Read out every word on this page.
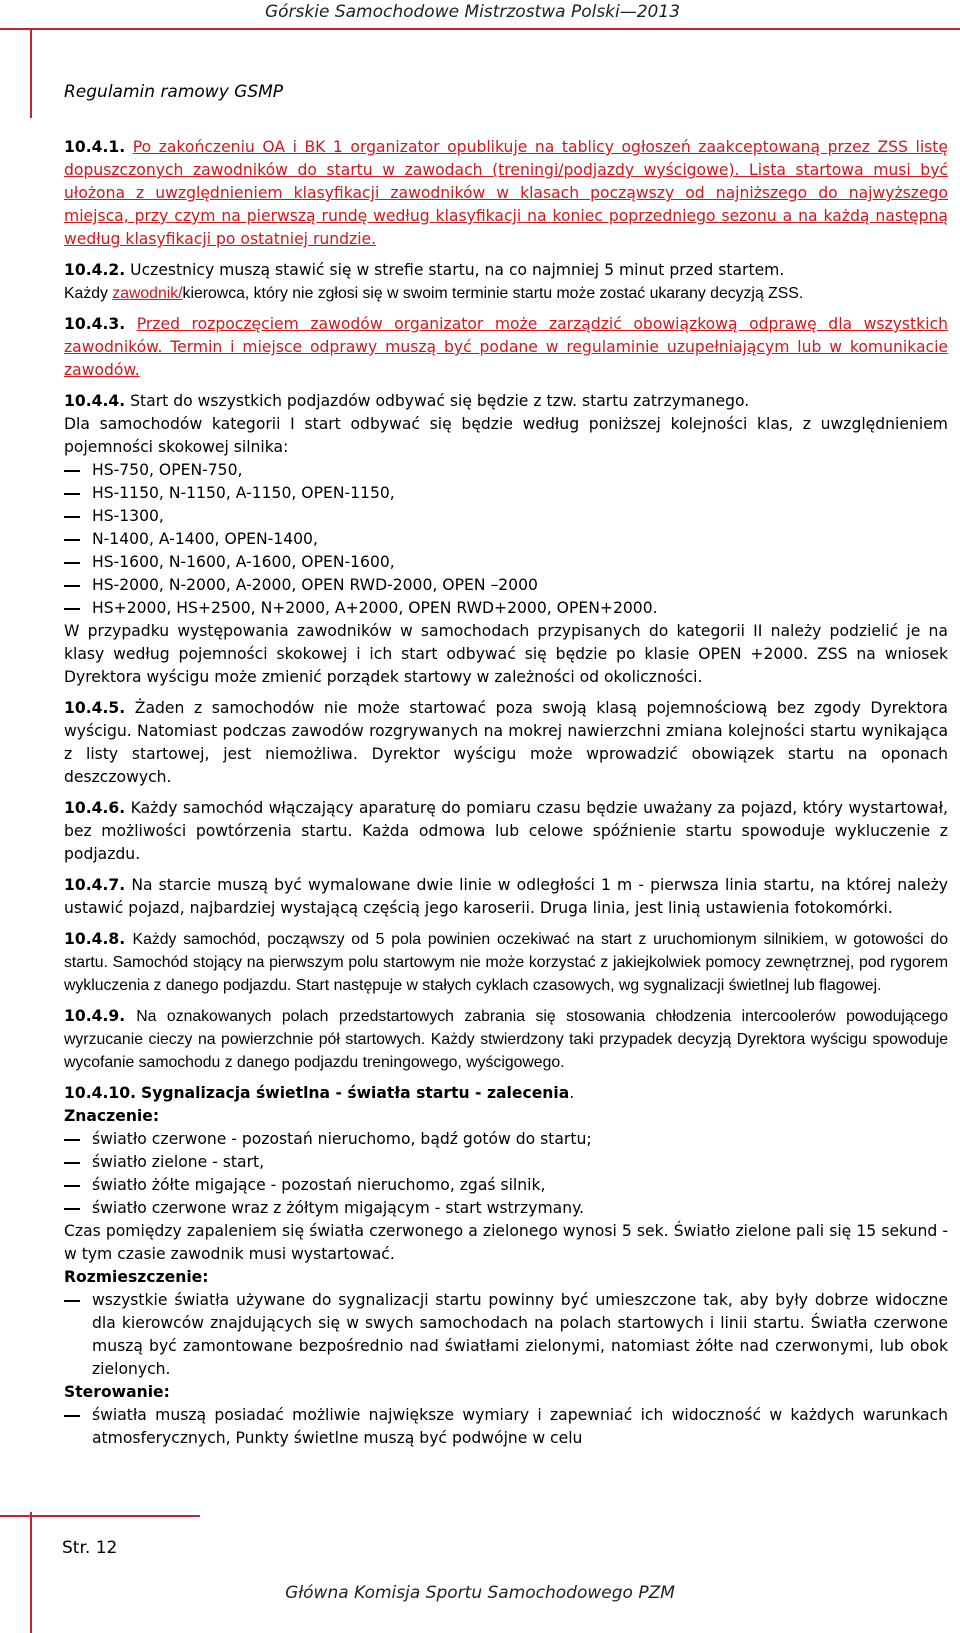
Górskie Samochodowe Mistrzostwa Polski—2013
Regulamin ramowy GSMP

10.4.1. Po zakończeniu OA i BK 1 organizator opublikuje na tablicy ogłoszeń zaakceptowaną przez ZSS listę dopuszczonych zawodników do startu w zawodach (treningi/podjazdy wyścigowe). Lista startowa musi być ułożona z uwzględnieniem klasyfikacji zawodników w klasach począwszy od najniższego do najwyższego miejsca, przy czym na pierwszą rundę według klasyfikacji na koniec poprzedniego sezonu a na każdą następną według klasyfikacji po ostatniej rundzie.

10.4.2. Uczestnicy muszą stawić się w strefie startu, na co najmniej 5 minut przed startem.
Każdy zawodnik/kierowca, który nie zgłosi się w swoim terminie startu może zostać ukarany decyzją ZSS.

10.4.3. Przed rozpoczęciem zawodów organizator może zarządzić obowiązkową odprawę dla wszystkich zawodników. Termin i miejsce odprawy muszą być podane w regulaminie uzupełniającym lub w komunikacie zawodów.

10.4.4. Start do wszystkich podjazdów odbywać się będzie z tzw. startu zatrzymanego.
Dla samochodów kategorii I start odbywać się będzie według poniższej kolejności klas, z uwzględnieniem pojemności skokowej silnika:
HS-750, OPEN-750,
HS-1150, N-1150, A-1150, OPEN-1150,
HS-1300,
N-1400, A-1400, OPEN-1400,
HS-1600, N-1600, A-1600, OPEN-1600,
HS-2000, N-2000, A-2000, OPEN RWD-2000, OPEN –2000
HS+2000, HS+2500, N+2000, A+2000, OPEN RWD+2000, OPEN+2000.
W przypadku występowania zawodników w samochodach przypisanych do kategorii II należy podzielić je na klasy według pojemności skokowej i ich start odbywać się będzie po klasie OPEN +2000. ZSS na wniosek Dyrektora wyścigu może zmienić porządek startowy w zależności od okoliczności.

10.4.5. Żaden z samochodów nie może startować poza swoją klasą pojemnościową bez zgody Dyrektora wyścigu. Natomiast podczas zawodów rozgrywanych na mokrej nawierzchni zmiana kolejności startu wynikająca z listy startowej, jest niemożliwa. Dyrektor wyścigu może wprowadzić obowiązek startu na oponach deszczowych.

10.4.6. Każdy samochód włączający aparaturę do pomiaru czasu będzie uważany za pojazd, który wystartował, bez możliwości powtórzenia startu. Każda odmowa lub celowe spóźnienie startu spowoduje wykluczenie z podjazdu.

10.4.7. Na starcie muszą być wymalowane dwie linie w odległości 1 m - pierwsza linia startu, na której należy ustawić pojazd, najbardziej wystającą częścią jego karoserii. Druga linia, jest linią ustawienia fotokomórki.

10.4.8. Każdy samochód, począwszy od 5 pola powinien oczekiwać na start z uruchomionym silnikiem, w gotowości do startu. Samochód stojący na pierwszym polu startowym nie może korzystać z jakiejkolwiek pomocy zewnętrznej, pod rygorem wykluczenia z danego podjazdu. Start następuje w stałych cyklach czasowych, wg sygnalizacji świetlnej lub flagowej.

10.4.9. Na oznakowanych polach przedstartowych zabrania się stosowania chłodzenia intercoolerów powodującego wyrzucanie cieczy na powierzchnie pół startowych. Każdy stwierdzony taki przypadek decyzją Dyrektora wyścigu spowoduje wycofanie samochodu z danego podjazdu treningowego, wyścigowego.

10.4.10. Sygnalizacja świetlna - światła startu - zalecenia.
Znaczenie:
światło czerwone - pozostań nieruchomo, bądź gotów do startu;
światło zielone - start,
światło żółte migające - pozostań nieruchomo, zgaś silnik,
światło czerwone wraz z żółtym migającym - start wstrzymany.
Czas pomiędzy zapaleniem się światła czerwonego a zielonego wynosi 5 sek. Światło zielone pali się 15 sekund - w tym czasie zawodnik musi wystartować.
Rozmieszczenie:
wszystkie światła używane do sygnalizacji startu powinny być umieszczone tak, aby były dobrze widoczne dla kierowców znajdujących się w swych samochodach na polach startowych i linii startu. Światła czerwone muszą być zamontowane bezpośrednio nad światłami zielonymi, natomiast żółte nad czerwonymi, lub obok zielonych.
Sterowanie:
światła muszą posiadać możliwie największe wymiary i zapewniać ich widoczność w każdych warunkach atmosferycznych, Punkty świetlne muszą być podwójne w celu
Str. 12
Główna Komisja Sportu Samochodowego PZM
